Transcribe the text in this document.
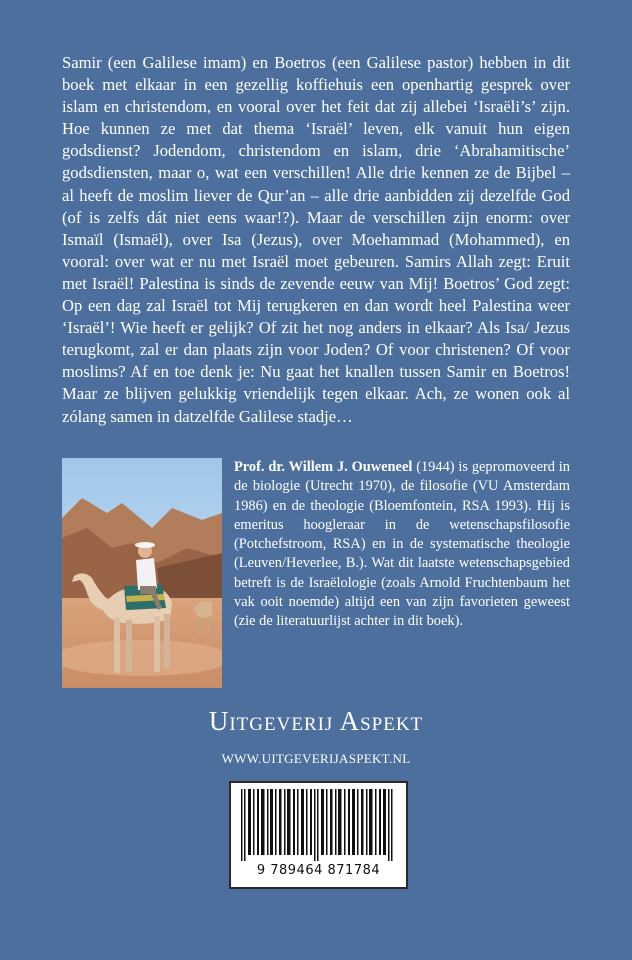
Samir (een Galilese imam) en Boetros (een Galilese pastor) hebben in dit boek met elkaar in een gezellig koffiehuis een openhartig gesprek over islam en christendom, en vooral over het feit dat zij allebei ‘Israëli’s’ zijn. Hoe kunnen ze met dat thema ‘Israël’ leven, elk vanuit hun eigen godsdienst? Jodendom, christendom en islam, drie ‘Abrahamitische’ godsdiensten, maar o, wat een verschillen! Alle drie kennen ze de Bijbel – al heeft de moslim liever de Qur’an – alle drie aanbidden zij dezelfde God (of is zelfs dát niet eens waar!?). Maar de verschillen zijn enorm: over Ismaïl (Ismaël), over Isa (Jezus), over Moehammad (Mohammed), en vooral: over wat er nu met Israël moet gebeuren. Samirs Allah zegt: Eruit met Israël! Palestina is sinds de zevende eeuw van Mij! Boetros’ God zegt: Op een dag zal Israël tot Mij terugkeren en dan wordt heel Palestina weer ‘Israël’! Wie heeft er gelijk? Of zit het nog anders in elkaar? Als Isa/ Jezus terugkomt, zal er dan plaats zijn voor Joden? Of voor christenen? Of voor moslims? Af en toe denk je: Nu gaat het knallen tussen Samir en Boetros! Maar ze blijven gelukkig vriendelijk tegen elkaar. Ach, ze wonen ook al zólang samen in datzelfde Galilese stadje…

Prof. dr. Willem J. Ouweneel (1944) is gepromoveerd in de biologie (Utrecht 1970), de filosofie (VU Amsterdam 1986) en de theologie (Bloemfontein, RSA 1993). Hij is emeritus hoogleraar in de wetenschapsfilosofie (Potchefstroom, RSA) en in de systematische theologie (Leuven/Heverlee, B.). Wat dit laatste wetenschapsgebied betreft is de Israëlologie (zoals Arnold Fruchtenbaum het vak ooit noemde) altijd een van zijn favorieten geweest (zie de literatuurlijst achter in dit boek).

Uitgeverij Aspekt
WWW.UITGEVERIJASPEKT.NL
9 789464 871784
